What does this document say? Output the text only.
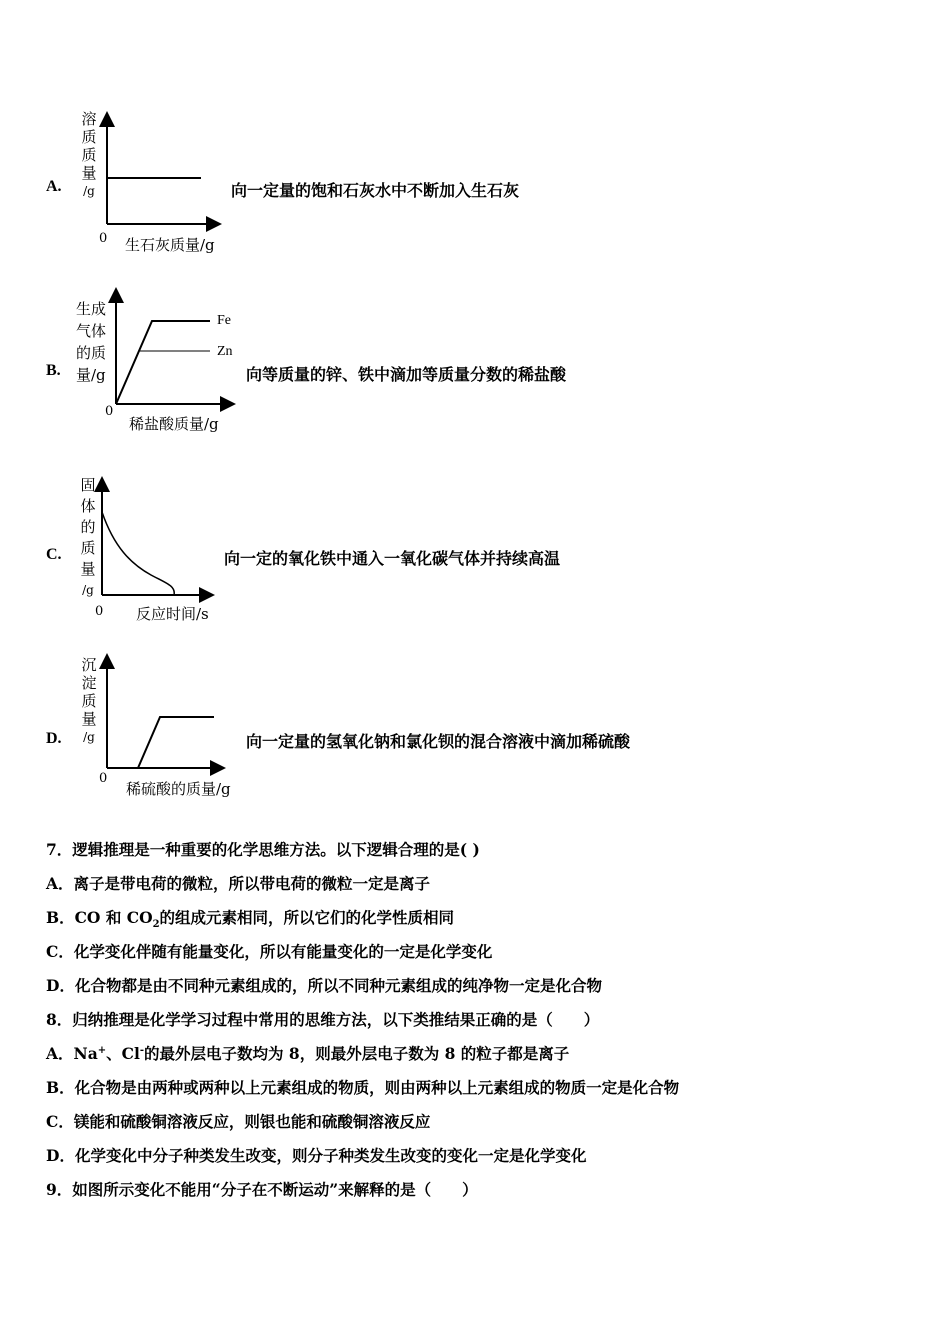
A.
溶
质
质
量
/g
0 生石灰质量/g
向一定量的饱和石灰水中不断加入生石灰
B.
Fe
Zn
生成
气体
的质
量/g
0
稀盐酸质量/g
向等质量的锌、铁中滴加等质量分数的稀盐酸
C.
固
体
的
质
量
/g
0 反应时间/s
向一定的氧化铁中通入一氧化碳气体并持续高温
D.
沉
淀
质
量
/g
0
稀硫酸的质量/g
向一定量的氢氧化钠和氯化钡的混合溶液中滴加稀硫酸
7．逻辑推理是一种重要的化学思维方法。以下逻辑合理的是( )
A．离子是带电荷的微粒，所以带电荷的微粒一定是离子
B．CO 和 $CO_2$的组成元素相同，所以它们的化学性质相同
C．化学变化伴随有能量变化，所以有能量变化的一定是化学变化
D．化合物都是由不同种元素组成的，所以不同种元素组成的纯净物一定是化合物
8．归纳推理是化学学习过程中常用的思维方法，以下类推结果正确的是（　　）
A．Na+、Cl-的最外层电子数均为 8，则最外层电子数为 8 的粒子都是离子
B．化合物是由两种或两种以上元素组成的物质，则由两种以上元素组成的物质一定是化合物
C．镁能和硫酸铜溶液反应，则银也能和硫酸铜溶液反应
D．化学变化中分子种类发生改变，则分子种类发生改变的变化一定是化学变化
9．如图所示变化不能用“分子在不断运动”来解释的是（　　）
